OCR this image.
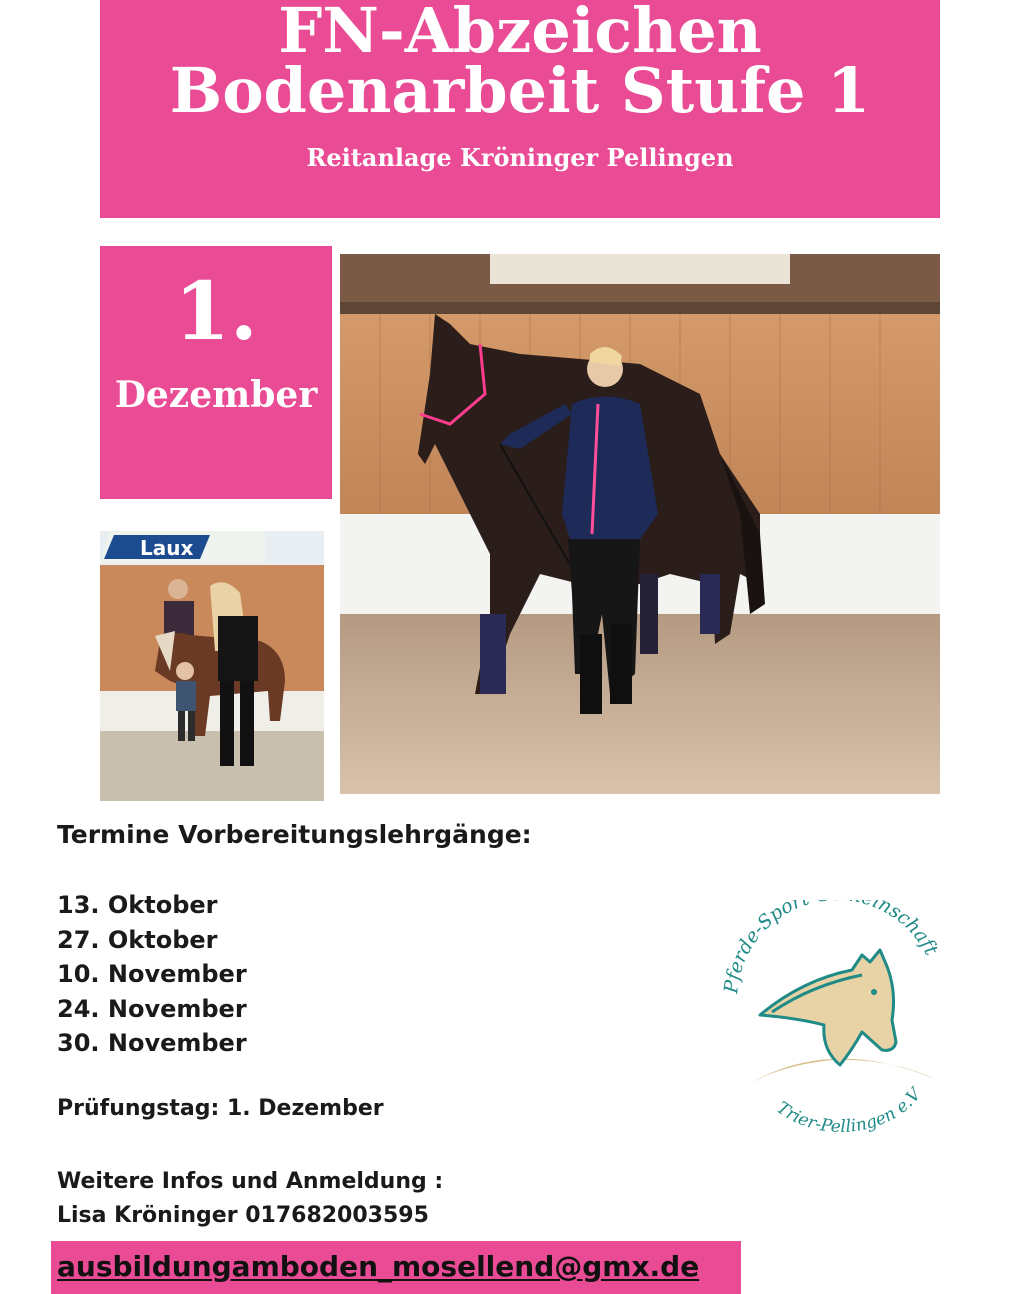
FN-Abzeichen
Bodenarbeit Stufe 1
Reitanlage Kröninger Pellingen
1.
Dezember
Laux
Termine Vorbereitungslehrgänge:
13. Oktober
27. Oktober
10. November
24. November
30. November
Prüfungstag: 1. Dezember
Weitere Infos und Anmeldung :
Lisa Kröninger 017682003595
ausbildungamboden_mosellend@gmx.de
Pferde-Spor inschaft
Trier-Pellingen e.V
